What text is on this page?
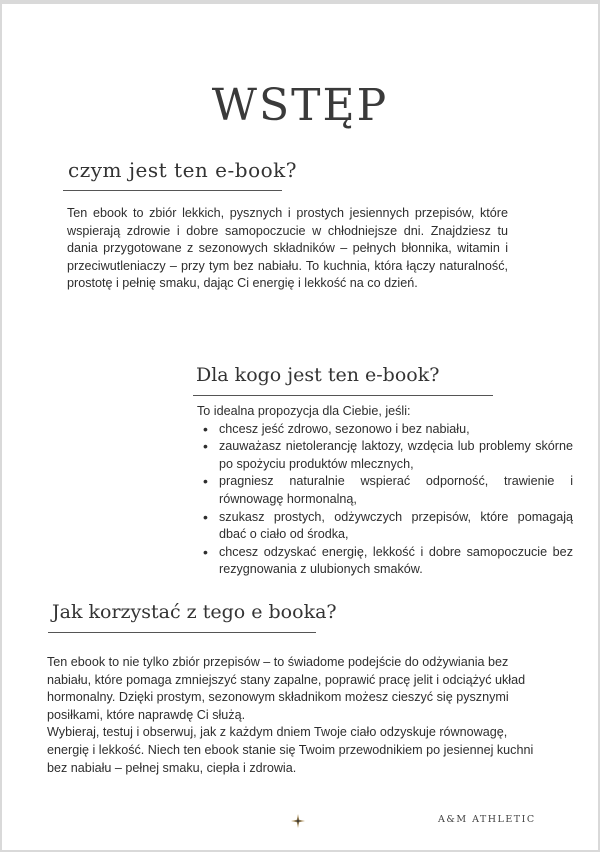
WSTĘP
czym jest ten e-book?
Ten ebook to zbiór lekkich, pysznych i prostych jesiennych przepisów, które wspierają zdrowie i dobre samopoczucie w chłodniejsze dni. Znajdziesz tu dania przygotowane z sezonowych składników – pełnych błonnika, witamin i przeciwutleniaczy – przy tym bez nabiału. To kuchnia, która łączy naturalność, prostotę i pełnię smaku, dając Ci energię i lekkość na co dzień.
Dla kogo jest ten e-book?
To idealna propozycja dla Ciebie, jeśli:
• chcesz jeść zdrowo, sezonowo i bez nabiału,
• zauważasz nietolerancję laktozy, wzdęcia lub problemy skórne po spożyciu produktów mlecznych,
• pragniesz naturalnie wspierać odporność, trawienie i równowagę hormonalną,
• szukasz prostych, odżywczych przepisów, które pomagają dbać o ciało od środka,
• chcesz odzyskać energię, lekkość i dobre samopoczucie bez rezygnowania z ulubionych smaków.
Jak korzystać z tego e booka?
Ten ebook to nie tylko zbiór przepisów – to świadome podejście do odżywiania bez nabiału, które pomaga zmniejszyć stany zapalne, poprawić pracę jelit i odciążyć układ hormonalny. Dzięki prostym, sezonowym składnikom możesz cieszyć się pysznymi posiłkami, które naprawdę Ci służą.
Wybieraj, testuj i obserwuj, jak z każdym dniem Twoje ciało odzyskuje równowagę, energię i lekkość. Niech ten ebook stanie się Twoim przewodnikiem po jesiennej kuchni bez nabiału – pełnej smaku, ciepła i zdrowia.
A&M ATHLETIC
